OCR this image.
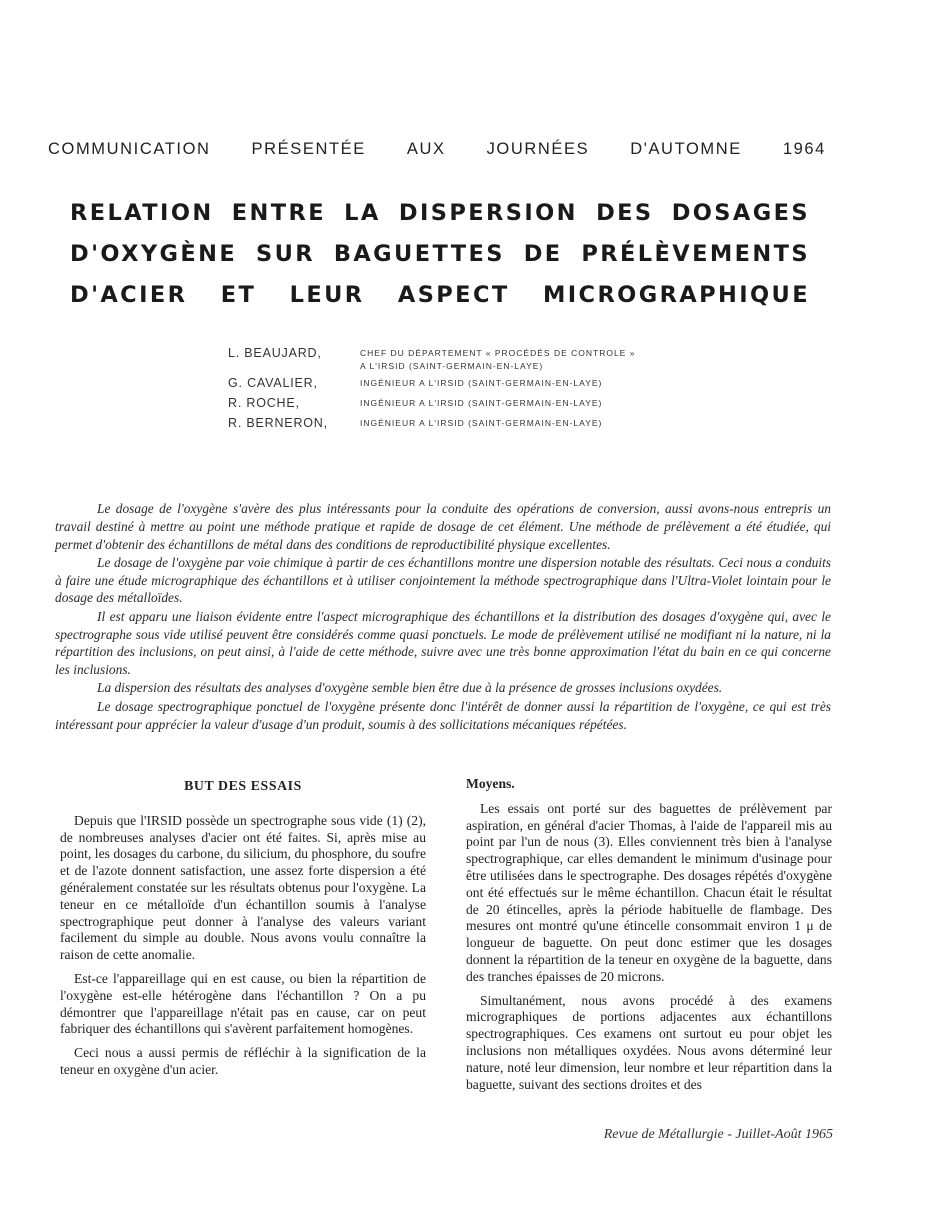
COMMUNICATION PRÉSENTÉE AUX JOURNÉES D'AUTOMNE 1964
RELATION ENTRE LA DISPERSION DES DOSAGES
D'OXYGÈNE SUR BAGUETTES DE PRÉLÈVEMENTS
D'ACIER ET LEUR ASPECT MICROGRAPHIQUE
L. BEAUJARD,	CHEF DU DÉPARTEMENT « PROCÉDÉS DE CONTROLE »
A L'IRSID (SAINT-GERMAIN-EN-LAYE)
G. CAVALIER,	INGÉNIEUR A L'IRSID (SAINT-GERMAIN-EN-LAYE)
R. ROCHE,	INGÉNIEUR A L'IRSID (SAINT-GERMAIN-EN-LAYE)
R. BERNERON,	INGÉNIEUR A L'IRSID (SAINT-GERMAIN-EN-LAYE)

Le dosage de l'oxygène s'avère des plus intéressants pour la conduite des opérations de conversion, aussi avons-nous entrepris un travail destiné à mettre au point une méthode pratique et rapide de dosage de cet élément. Une méthode de prélèvement a été étudiée, qui permet d'obtenir des échantillons de métal dans des conditions de reproductibilité physique excellentes.

Le dosage de l'oxygène par voie chimique à partir de ces échantillons montre une dispersion notable des résultats. Ceci nous a conduits à faire une étude micrographique des échantillons et à utiliser conjointement la méthode spectrographique dans l'Ultra-Violet lointain pour le dosage des métalloïdes.

Il est apparu une liaison évidente entre l'aspect micrographique des échantillons et la distribution des dosages d'oxygène qui, avec le spectrographe sous vide utilisé peuvent être considérés comme quasi ponctuels. Le mode de prélèvement utilisé ne modifiant ni la nature, ni la répartition des inclusions, on peut ainsi, à l'aide de cette méthode, suivre avec une très bonne approximation l'état du bain en ce qui concerne les inclusions.

La dispersion des résultats des analyses d'oxygène semble bien être due à la présence de grosses inclusions oxydées.

Le dosage spectrographique ponctuel de l'oxygène présente donc l'intérêt de donner aussi la répartition de l'oxygène, ce qui est très intéressant pour apprécier la valeur d'usage d'un produit, soumis à des sollicitations mécaniques répétées.

BUT DES ESSAIS

Depuis que l'IRSID possède un spectrographe sous vide (1) (2), de nombreuses analyses d'acier ont été faites. Si, après mise au point, les dosages du carbone, du silicium, du phosphore, du soufre et de l'azote donnent satisfaction, une assez forte dispersion a été généralement constatée sur les résultats obtenus pour l'oxygène. La teneur en ce métalloïde d'un échantillon soumis à l'analyse spectrographique peut donner à l'analyse des valeurs variant facilement du simple au double. Nous avons voulu connaître la raison de cette anomalie.

Est-ce l'appareillage qui en est cause, ou bien la répartition de l'oxygène est-elle hétérogène dans l'échantillon ? On a pu démontrer que l'appareillage n'était pas en cause, car on peut fabriquer des échantillons qui s'avèrent parfaitement homogènes.

Ceci nous a aussi permis de réfléchir à la signification de la teneur en oxygène d'un acier.

Moyens.

Les essais ont porté sur des baguettes de prélèvement par aspiration, en général d'acier Thomas, à l'aide de l'appareil mis au point par l'un de nous (3). Elles conviennent très bien à l'analyse spectrographique, car elles demandent le minimum d'usinage pour être utilisées dans le spectrographe. Des dosages répétés d'oxygène ont été effectués sur le même échantillon. Chacun était le résultat de 20 étincelles, après la période habituelle de flambage. Des mesures ont montré qu'une étincelle consommait environ 1 μ de longueur de baguette. On peut donc estimer que les dosages donnent la répartition de la teneur en oxygène de la baguette, dans des tranches épaisses de 20 microns.

Simultanément, nous avons procédé à des examens micrographiques de portions adjacentes aux échantillons spectrographiques. Ces examens ont surtout eu pour objet les inclusions non métalliques oxydées. Nous avons déterminé leur nature, noté leur dimension, leur nombre et leur répartition dans la baguette, suivant des sections droites et des

Revue de Métallurgie - Juillet-Août 1965
